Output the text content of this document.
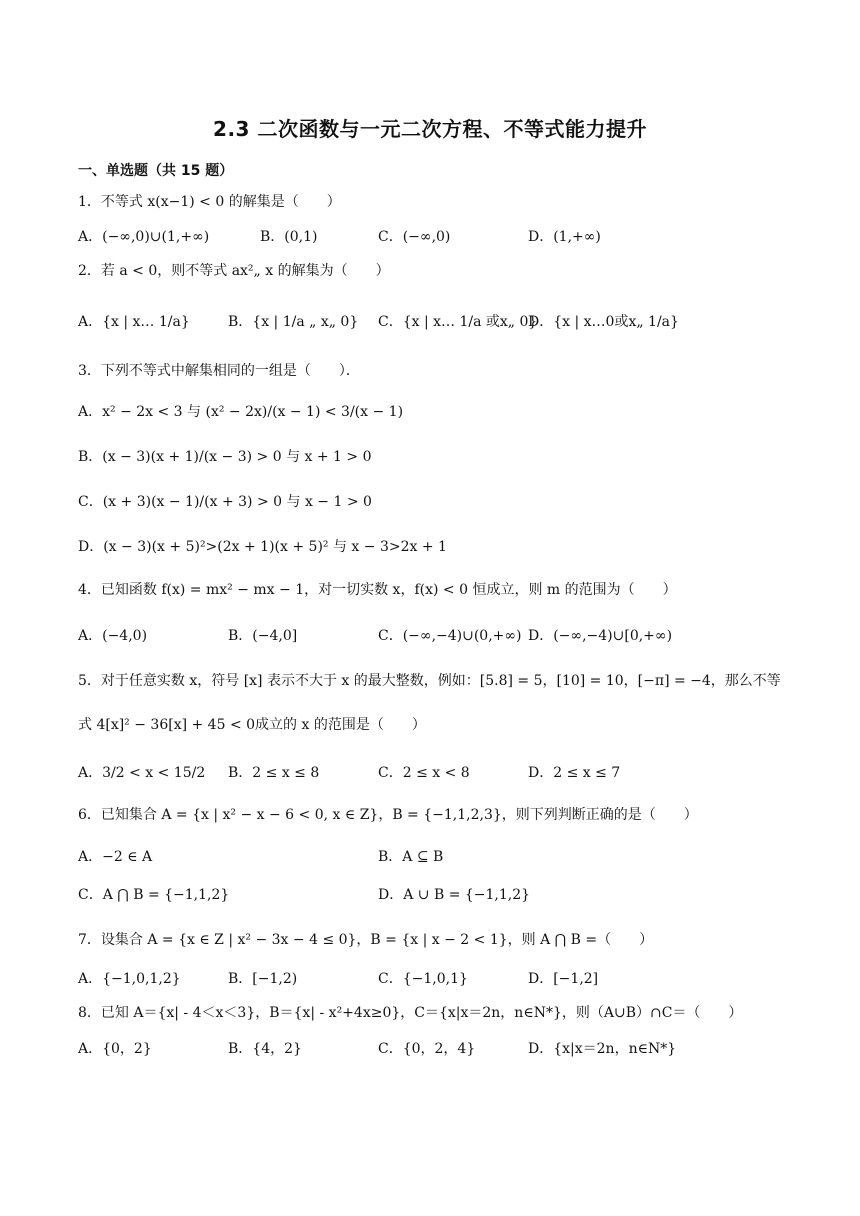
2.3 二次函数与一元二次方程、不等式能力提升
一、单选题（共 15 题）
1．不等式 x(x−1) < 0 的解集是（　　）
A．(−∞,0)∪(1,+∞)	B．(0,1)	C．(−∞,0)	D．(1,+∞)
2．若 a < 0，则不等式 ax²„ x 的解集为（　　）
A．{x | x… 1/a}	B．{x | 1/a „ x„ 0} C．{x | x… 1/a 或x„ 0}
D．{x | x…0或x„ 1/a}
3．下列不等式中解集相同的一组是（　　）．
A．x² − 2x < 3 与 (x² − 2x)/(x − 1) < 3/(x − 1)
B．(x − 3)(x + 1)/(x − 3) > 0 与 x + 1 > 0
C．(x + 3)(x − 1)/(x + 3) > 0 与 x − 1 > 0
D．(x − 3)(x + 5)²>(2x + 1)(x + 5)² 与 x − 3>2x + 1
4．已知函数 f(x) = mx² − mx − 1，对一切实数 x，f(x) < 0 恒成立，则 m 的范围为（　　）
A．(−4,0)	B．(−4,0]	C．(−∞,−4)∪(0,+∞) D．(−∞,−4)∪[0,+∞)
5．对于任意实数 x，符号 [x] 表示不大于 x 的最大整数，例如：[5.8] = 5，[10] = 10，[−π] = −4，那么不等
式 4[x]² − 36[x] + 45 < 0成立的 x 的范围是（　　）
A．3/2 < x < 15/2 B．2 ≤ x ≤ 8	C．2 ≤ x < 8	D．2 ≤ x ≤ 7
6．已知集合 A = {x | x² − x − 6 < 0, x ∈ Z}，B = {−1,1,2,3}，则下列判断正确的是（　　）
A．−2 ∈ A	B．A ⊆ B
C．A ⋂ B = {−1,1,2}	D．A ∪ B = {−1,1,2}
7．设集合 A = {x ∈ Z | x² − 3x − 4 ≤ 0}，B = {x | x − 2 < 1}，则 A ⋂ B =（　　）
A．{−1,0,1,2}	B．[−1,2)	C．{−1,0,1}	D．[−1,2]
8．已知 A＝{x| - 4＜x＜3}，B＝{x| - x²+4x≥0}，C＝{x|x＝2n，n∈N*}，则（A∪B）∩C＝（　　）
A．{0，2}	B．{4，2}	C．{0，2，4}	D．{x|x＝2n，n∈N*}
